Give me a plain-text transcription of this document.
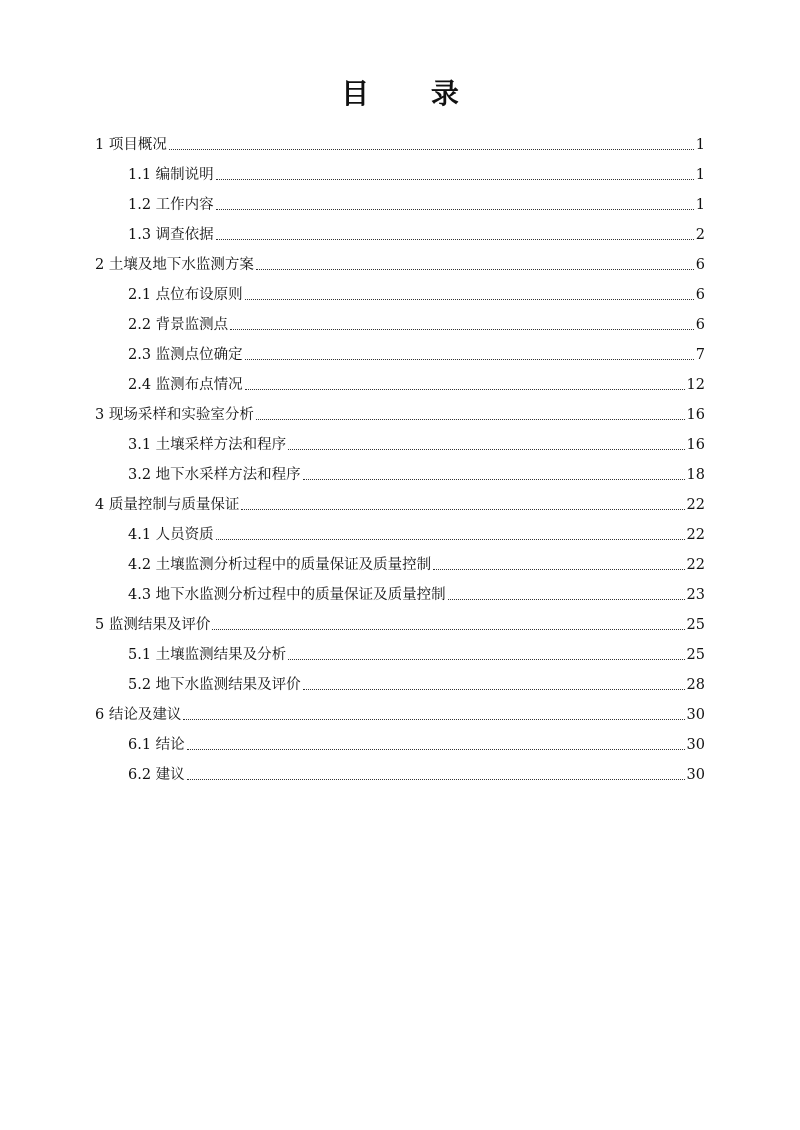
目 录
1 项目概况	1
1.1 编制说明	1
1.2 工作内容	1
1.3 调查依据	2
2 土壤及地下水监测方案	6
2.1 点位布设原则	6
2.2 背景监测点	6
2.3 监测点位确定	7
2.4 监测布点情况	12
3 现场采样和实验室分析	16
3.1 土壤采样方法和程序	16
3.2 地下水采样方法和程序	18
4 质量控制与质量保证	22
4.1 人员资质	22
4.2 土壤监测分析过程中的质量保证及质量控制	22
4.3 地下水监测分析过程中的质量保证及质量控制	23
5 监测结果及评价	25
5.1 土壤监测结果及分析	25
5.2 地下水监测结果及评价	28
6 结论及建议	30
6.1 结论	30
6.2 建议	30
